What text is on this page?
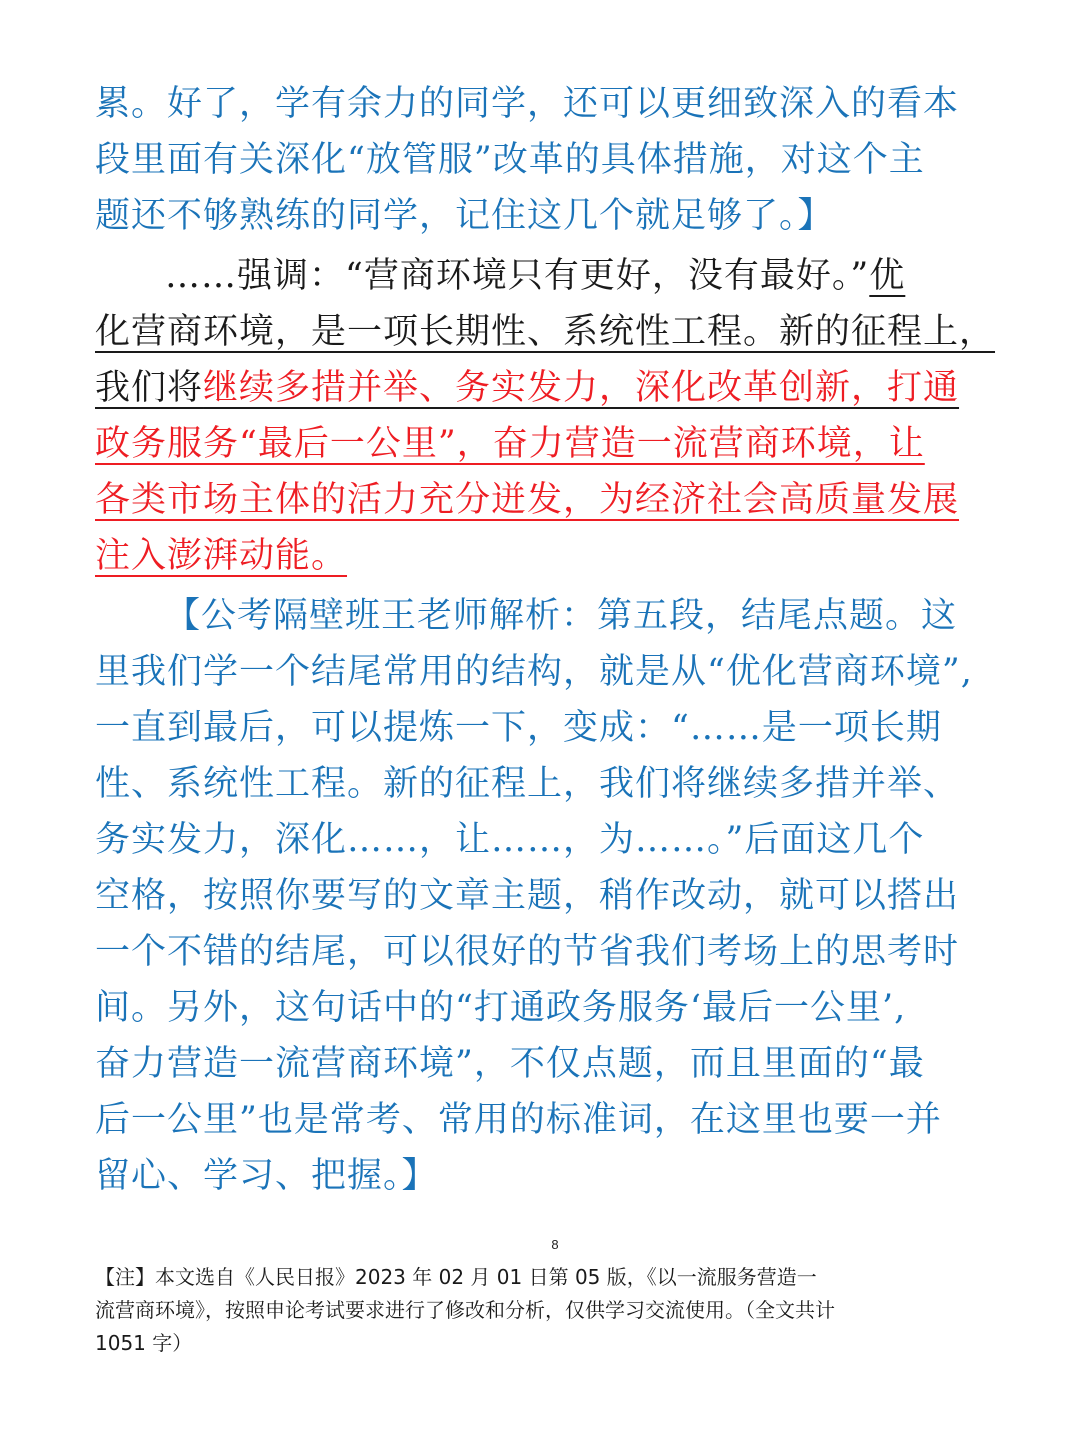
累。好了，学有余力的同学，还可以更细致深入的看本
段里面有关深化“放管服”改革的具体措施，对这个主
题还不够熟练的同学，记住这几个就足够了。】
……强调：“营商环境只有更好，没有最好。”优
化营商环境，是一项长期性、系统性工程。新的征程上，
我们将继续多措并举、务实发力，深化改革创新，打通
政务服务“最后一公里”，奋力营造一流营商环境，让
各类市场主体的活力充分迸发，为经济社会高质量发展
注入澎湃动能。
【公考隔壁班王老师解析：第五段，结尾点题。这
里我们学一个结尾常用的结构，就是从“优化营商环境”,
一直到最后，可以提炼一下，变成：“……是一项长期
性、系统性工程。新的征程上，我们将继续多措并举、
务实发力，深化……，让……，为……。”后面这几个
空格，按照你要写的文章主题，稍作改动，就可以搭出
一个不错的结尾，可以很好的节省我们考场上的思考时
间。另外，这句话中的“打通政务服务‘最后一公里’,
奋力营造一流营商环境”，不仅点题，而且里面的“最
后一公里”也是常考、常用的标准词，在这里也要一并
留心、学习、把握。】
8
【注】本文选自《人民日报》2023 年 02 月 01 日第 05 版，《以一流服务营造一
流营商环境》，按照申论考试要求进行了修改和分析，仅供学习交流使用。（全文共计
1051 字）
